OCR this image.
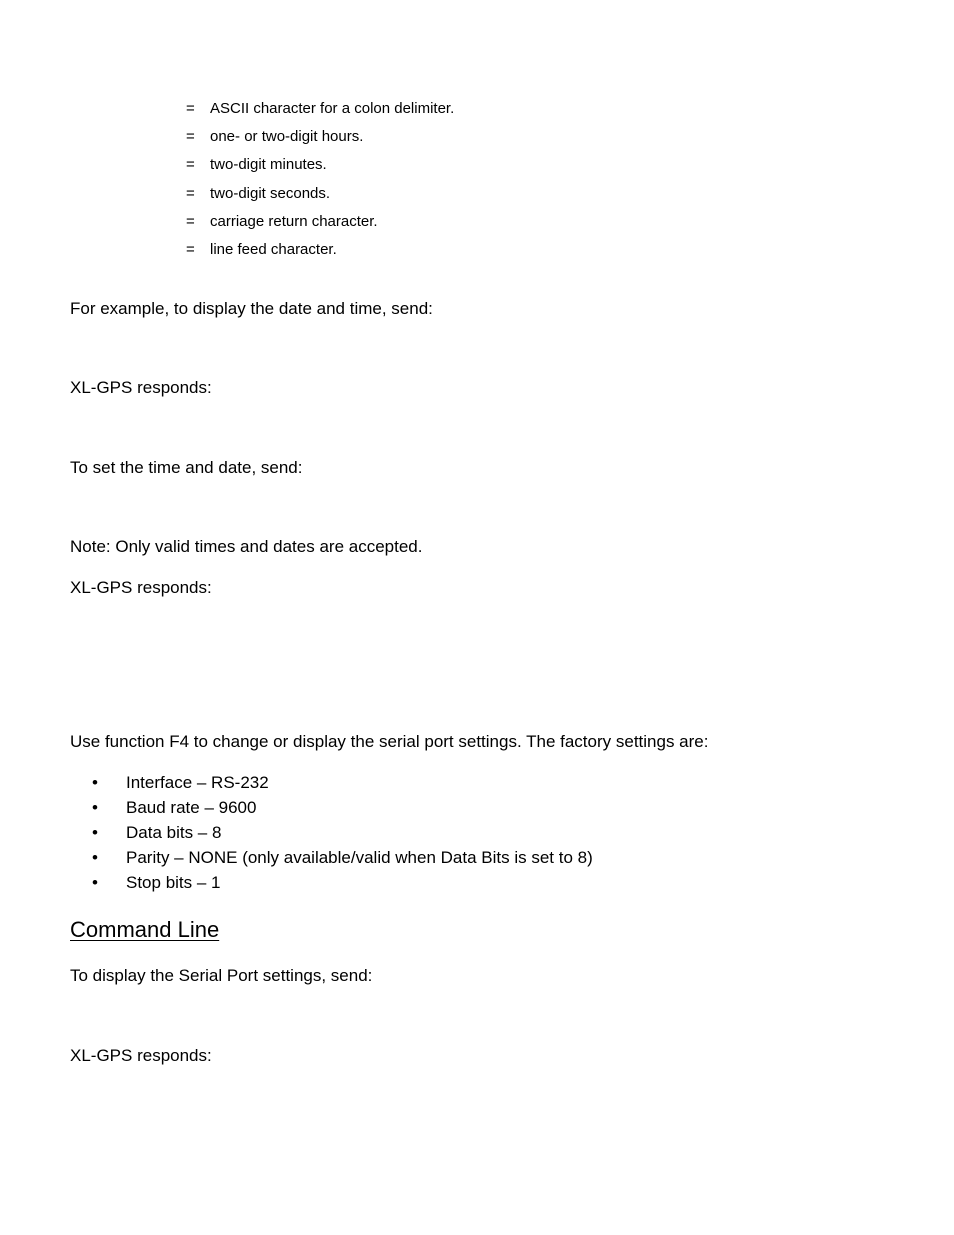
= ASCII character for a colon delimiter.
= one- or two-digit hours.
= two-digit minutes.
= two-digit seconds.
= carriage return character.
= line feed character.

For example, to display the date and time, send:

XL-GPS responds:

To set the time and date, send:

Note: Only valid times and dates are accepted.

XL-GPS responds:

Use function F4 to change or display the serial port settings. The factory settings are:

• Interface – RS-232
• Baud rate – 9600
• Data bits – 8
• Parity – NONE (only available/valid when Data Bits is set to 8)
• Stop bits – 1
Command Line

To display the Serial Port settings, send:

XL-GPS responds:
